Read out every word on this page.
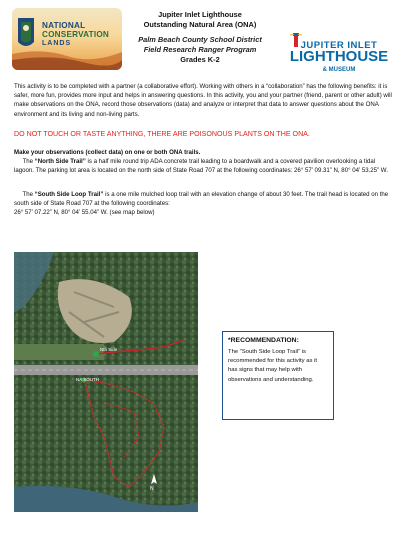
NATIONAL
CONSERVATION
LANDS
Jupiter Inlet Lighthouse
Outstanding Natural Area (ONA)
Palm Beach County School District
Field Research Ranger Program
Grades K-2
JUPITER INLET
LIGHTHOUSE
& MUSEUM
This activity is to be completed with a partner (a collaborative effort). Working with others in a “collaboration” has the following benefits: it is safer, more fun, provides more input and helps in answering questions. In this activity, you and your partner (friend, parent or other adult) will make observations on the ONA, record those observations (data) and analyze or interpret that data to answer questions about the ONA environment and its living and non-living parts.
DO NOT TOUCH OR TASTE ANYTHING, THERE ARE POISONOUS PLANTS ON THE ONA.
Make your observations (collect data) on one or both ONA trails.
The “North Side Trail” is a half mile round trip ADA concrete trail leading to a boardwalk and a covered pavilion overlooking a tidal lagoon. The parking lot area is located on the north side of State Road 707 at the following coordinates: 26° 57’ 09.31” N, 80° 04’ 53.25” W.
The “South Side Loop Trail” is a one mile mulched loop trail with an elevation change of about 30 feet. The trail head is located on the south side of State Road 707 at the following coordinates:
26° 57’ 07.22” N, 80° 04’ 55.04” W. (see map below)
Nth Side
NA SOUTH
N
*RECOMMENDATION:
The “South Side Loop Trail” is recommended for this activity as it has signs that may help with observations and understanding.
